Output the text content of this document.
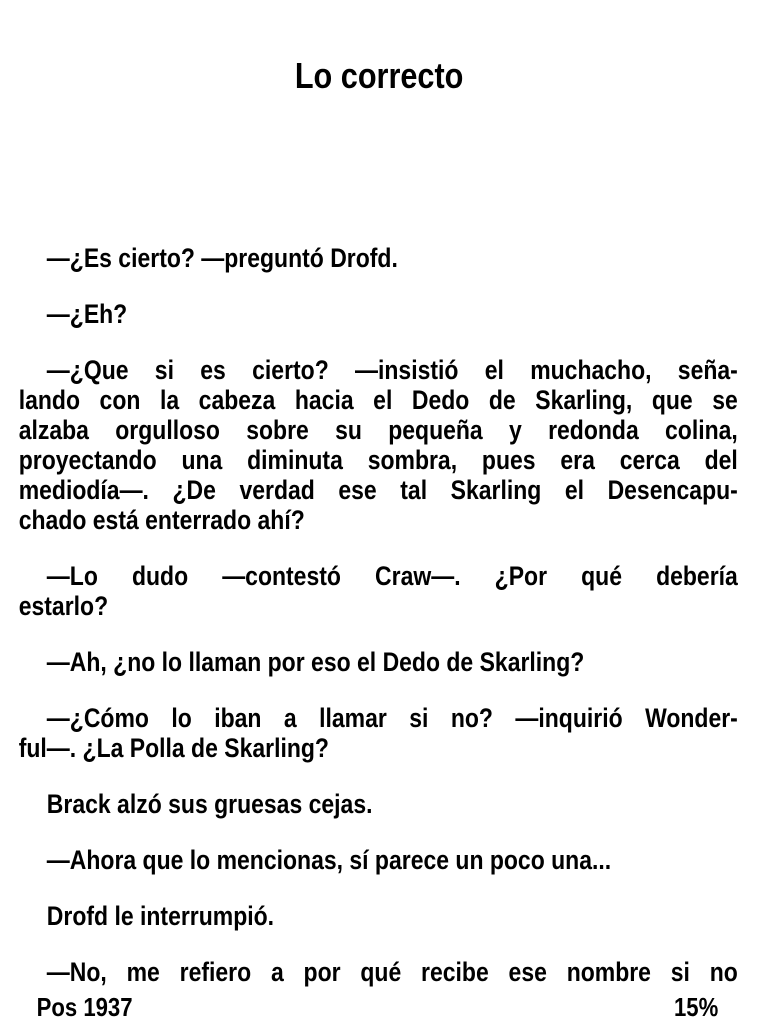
Lo correcto
—¿Es cierto? —preguntó Drofd.
—¿Eh?
—¿Que si es cierto? —insistió el muchacho, seña-
lando con la cabeza hacia el Dedo de Skarling, que se
alzaba orgulloso sobre su pequeña y redonda colina,
proyectando una diminuta sombra, pues era cerca del
mediodía—. ¿De verdad ese tal Skarling el Desencapu-
chado está enterrado ahí?
—Lo dudo —contestó Craw—. ¿Por qué debería
estarlo?
—Ah, ¿no lo llaman por eso el Dedo de Skarling?
—¿Cómo lo iban a llamar si no? —inquirió Wonder-
ful—. ¿La Polla de Skarling?
Brack alzó sus gruesas cejas.
—Ahora que lo mencionas, sí parece un poco una...
Drofd le interrumpió.
—No, me refiero a por qué recibe ese nombre si no
Pos 1937	15%
